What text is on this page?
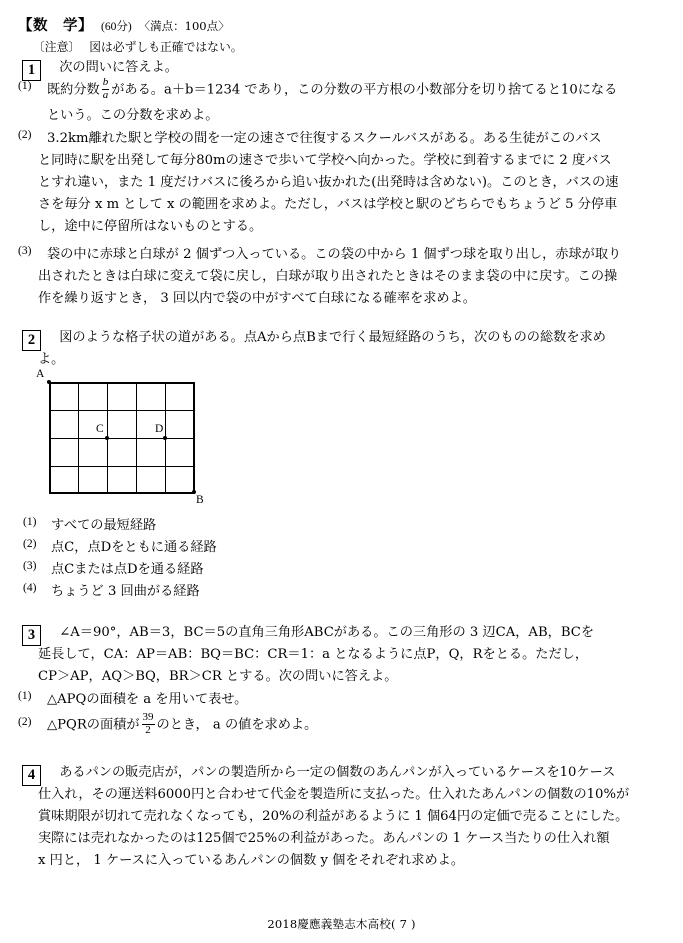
【数　学】 (60分) 〈満点：100点〉
〔注意〕 図は必ずしも正確ではない。
1 次の問いに答えよ。
(1) 既約分数 $\frac{b}{a}$ がある。a＋b＝1234 であり，この分数の平方根の小数部分を切り捨てると10になる
という。この分数を求めよ。
(2) 3.2km離れた駅と学校の間を一定の速さで往復するスクールバスがある。ある生徒がこのバス
と同時に駅を出発して毎分80mの速さで歩いて学校へ向かった。学校に到着するまでに 2 度バス
とすれ違い，また 1 度だけバスに後ろから追い抜かれた(出発時は含めない)。このとき，バスの速
さを毎分 x m として x の範囲を求めよ。ただし，バスは学校と駅のどちらでもちょうど 5 分停車
し，途中に停留所はないものとする。
(3) 袋の中に赤球と白球が 2 個ずつ入っている。この袋の中から 1 個ずつ球を取り出し，赤球が取り
出されたときは白球に変えて袋に戻し，白球が取り出されたときはそのまま袋の中に戻す。この操
作を繰り返すとき， 3 回以内で袋の中がすべて白球になる確率を求めよ。
2 図のような格子状の道がある。点Aから点Bまで行く最短経路のうち，次のものの総数を求め
よ。
A
B
C	D
(1) すべての最短経路
(2) 点C，点Dをともに通る経路
(3) 点Cまたは点Dを通る経路
(4) ちょうど 3 回曲がる経路
3 ∠A＝90°，AB＝3，BC＝5の直角三角形ABCがある。この三角形の 3 辺CA，AB，BCを
延長して，CA：AP＝AB：BQ＝BC：CR＝1：a となるように点P，Q，Rをとる。ただし，
CP＞AP，AQ＞BQ，BR＞CR とする。次の問いに答えよ。
(1) △APQの面積を a を用いて表せ。
(2) △PQRの面積が $\frac{39}{2}$ のとき， a の値を求めよ。
4 あるパンの販売店が，パンの製造所から一定の個数のあんパンが入っているケースを10ケース
仕入れ，その運送料6000円と合わせて代金を製造所に支払った。仕入れたあんパンの個数の10%が
賞味期限が切れて売れなくなっても，20%の利益があるように 1 個64円の定価で売ることにした。
実際には売れなかったのは125個で25%の利益があった。あんパンの 1 ケース当たりの仕入れ額
x 円と， 1 ケースに入っているあんパンの個数 y 個をそれぞれ求めよ。
2018慶應義塾志木高校( 7 )
